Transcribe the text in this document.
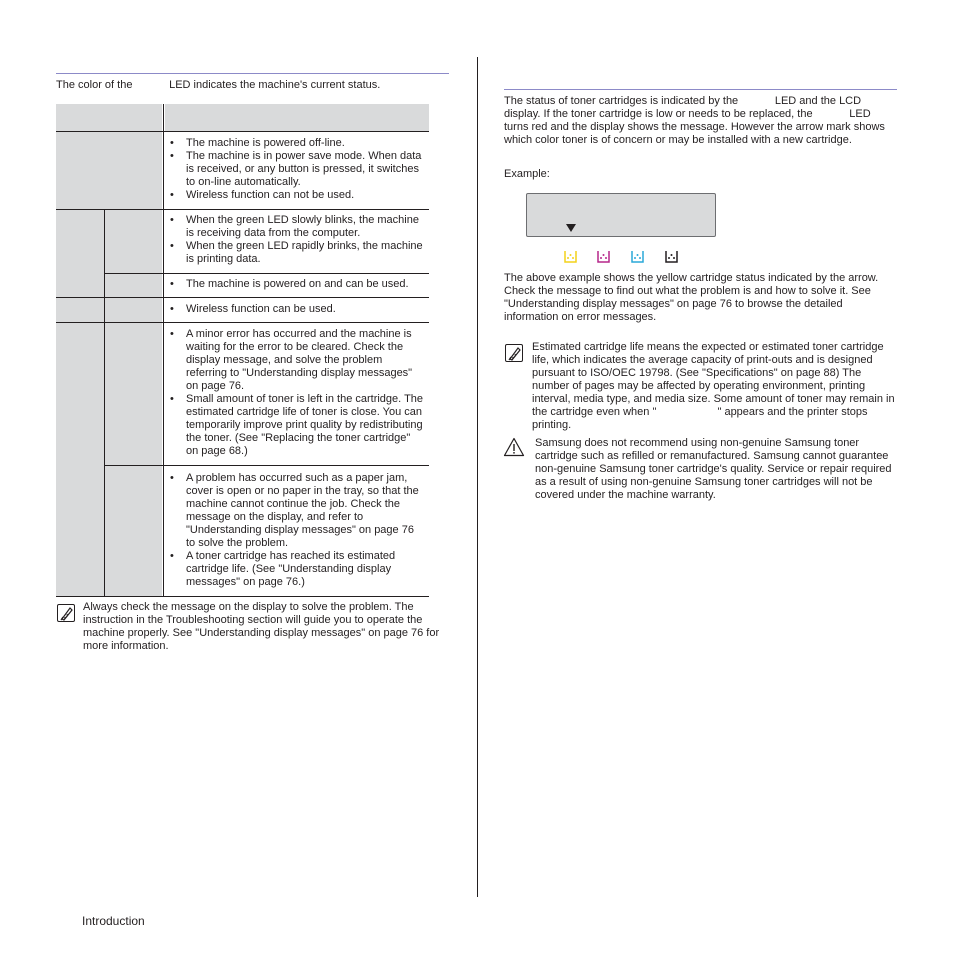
The color of the            LED indicates the machine's current status.

• The machine is powered off-line.
• The machine is in power save mode. When data is received, or any button is pressed, it switches to on-line automatically.
• Wireless function can not be used.
• When the green LED slowly blinks, the machine is receiving data from the computer.
• When the green LED rapidly brinks, the machine is printing data.
• The machine is powered on and can be used.
• Wireless function can be used.
• A minor error has occurred and the machine is waiting for the error to be cleared. Check the display message, and solve the problem referring to "Understanding display messages" on page 76.
• Small amount of toner is left in the cartridge. The estimated cartridge life of toner is close. You can temporarily improve print quality by redistributing the toner. (See "Replacing the toner cartridge" on page 68.)
• A problem has occurred such as a paper jam, cover is open or no paper in the tray, so that the machine cannot continue the job. Check the message on the display, and refer to "Understanding display messages" on page 76 to solve the problem.
• A toner cartridge has reached its estimated cartridge life. (See "Understanding display messages" on page 76.)

Always check the message on the display to solve the problem. The instruction in the Troubleshooting section will guide you to operate the machine properly. See "Understanding display messages" on page 76 for more information.

The status of toner cartridges is indicated by the            LED and the LCD display. If the toner cartridge is low or needs to be replaced, the            LED turns red and the display shows the message. However the arrow mark shows which color toner is of concern or may be installed with a new cartridge.

Example:

The above example shows the yellow cartridge status indicated by the arrow. Check the message to find out what the problem is and how to solve it. See "Understanding display messages" on page 76 to browse the detailed information on error messages.

Estimated cartridge life means the expected or estimated toner cartridge life, which indicates the average capacity of print-outs and is designed pursuant to ISO/OEC 19798. (See "Specifications" on page 88) The number of pages may be affected by operating environment, printing interval, media type, and media size. Some amount of toner may remain in the cartridge even when "                    " appears and the printer stops printing.

Samsung does not recommend using non-genuine Samsung toner cartridge such as refilled or remanufactured. Samsung cannot guarantee non-genuine Samsung toner cartridge's quality. Service or repair required as a result of using non-genuine Samsung toner cartridges will not be covered under the machine warranty.

Introduction
